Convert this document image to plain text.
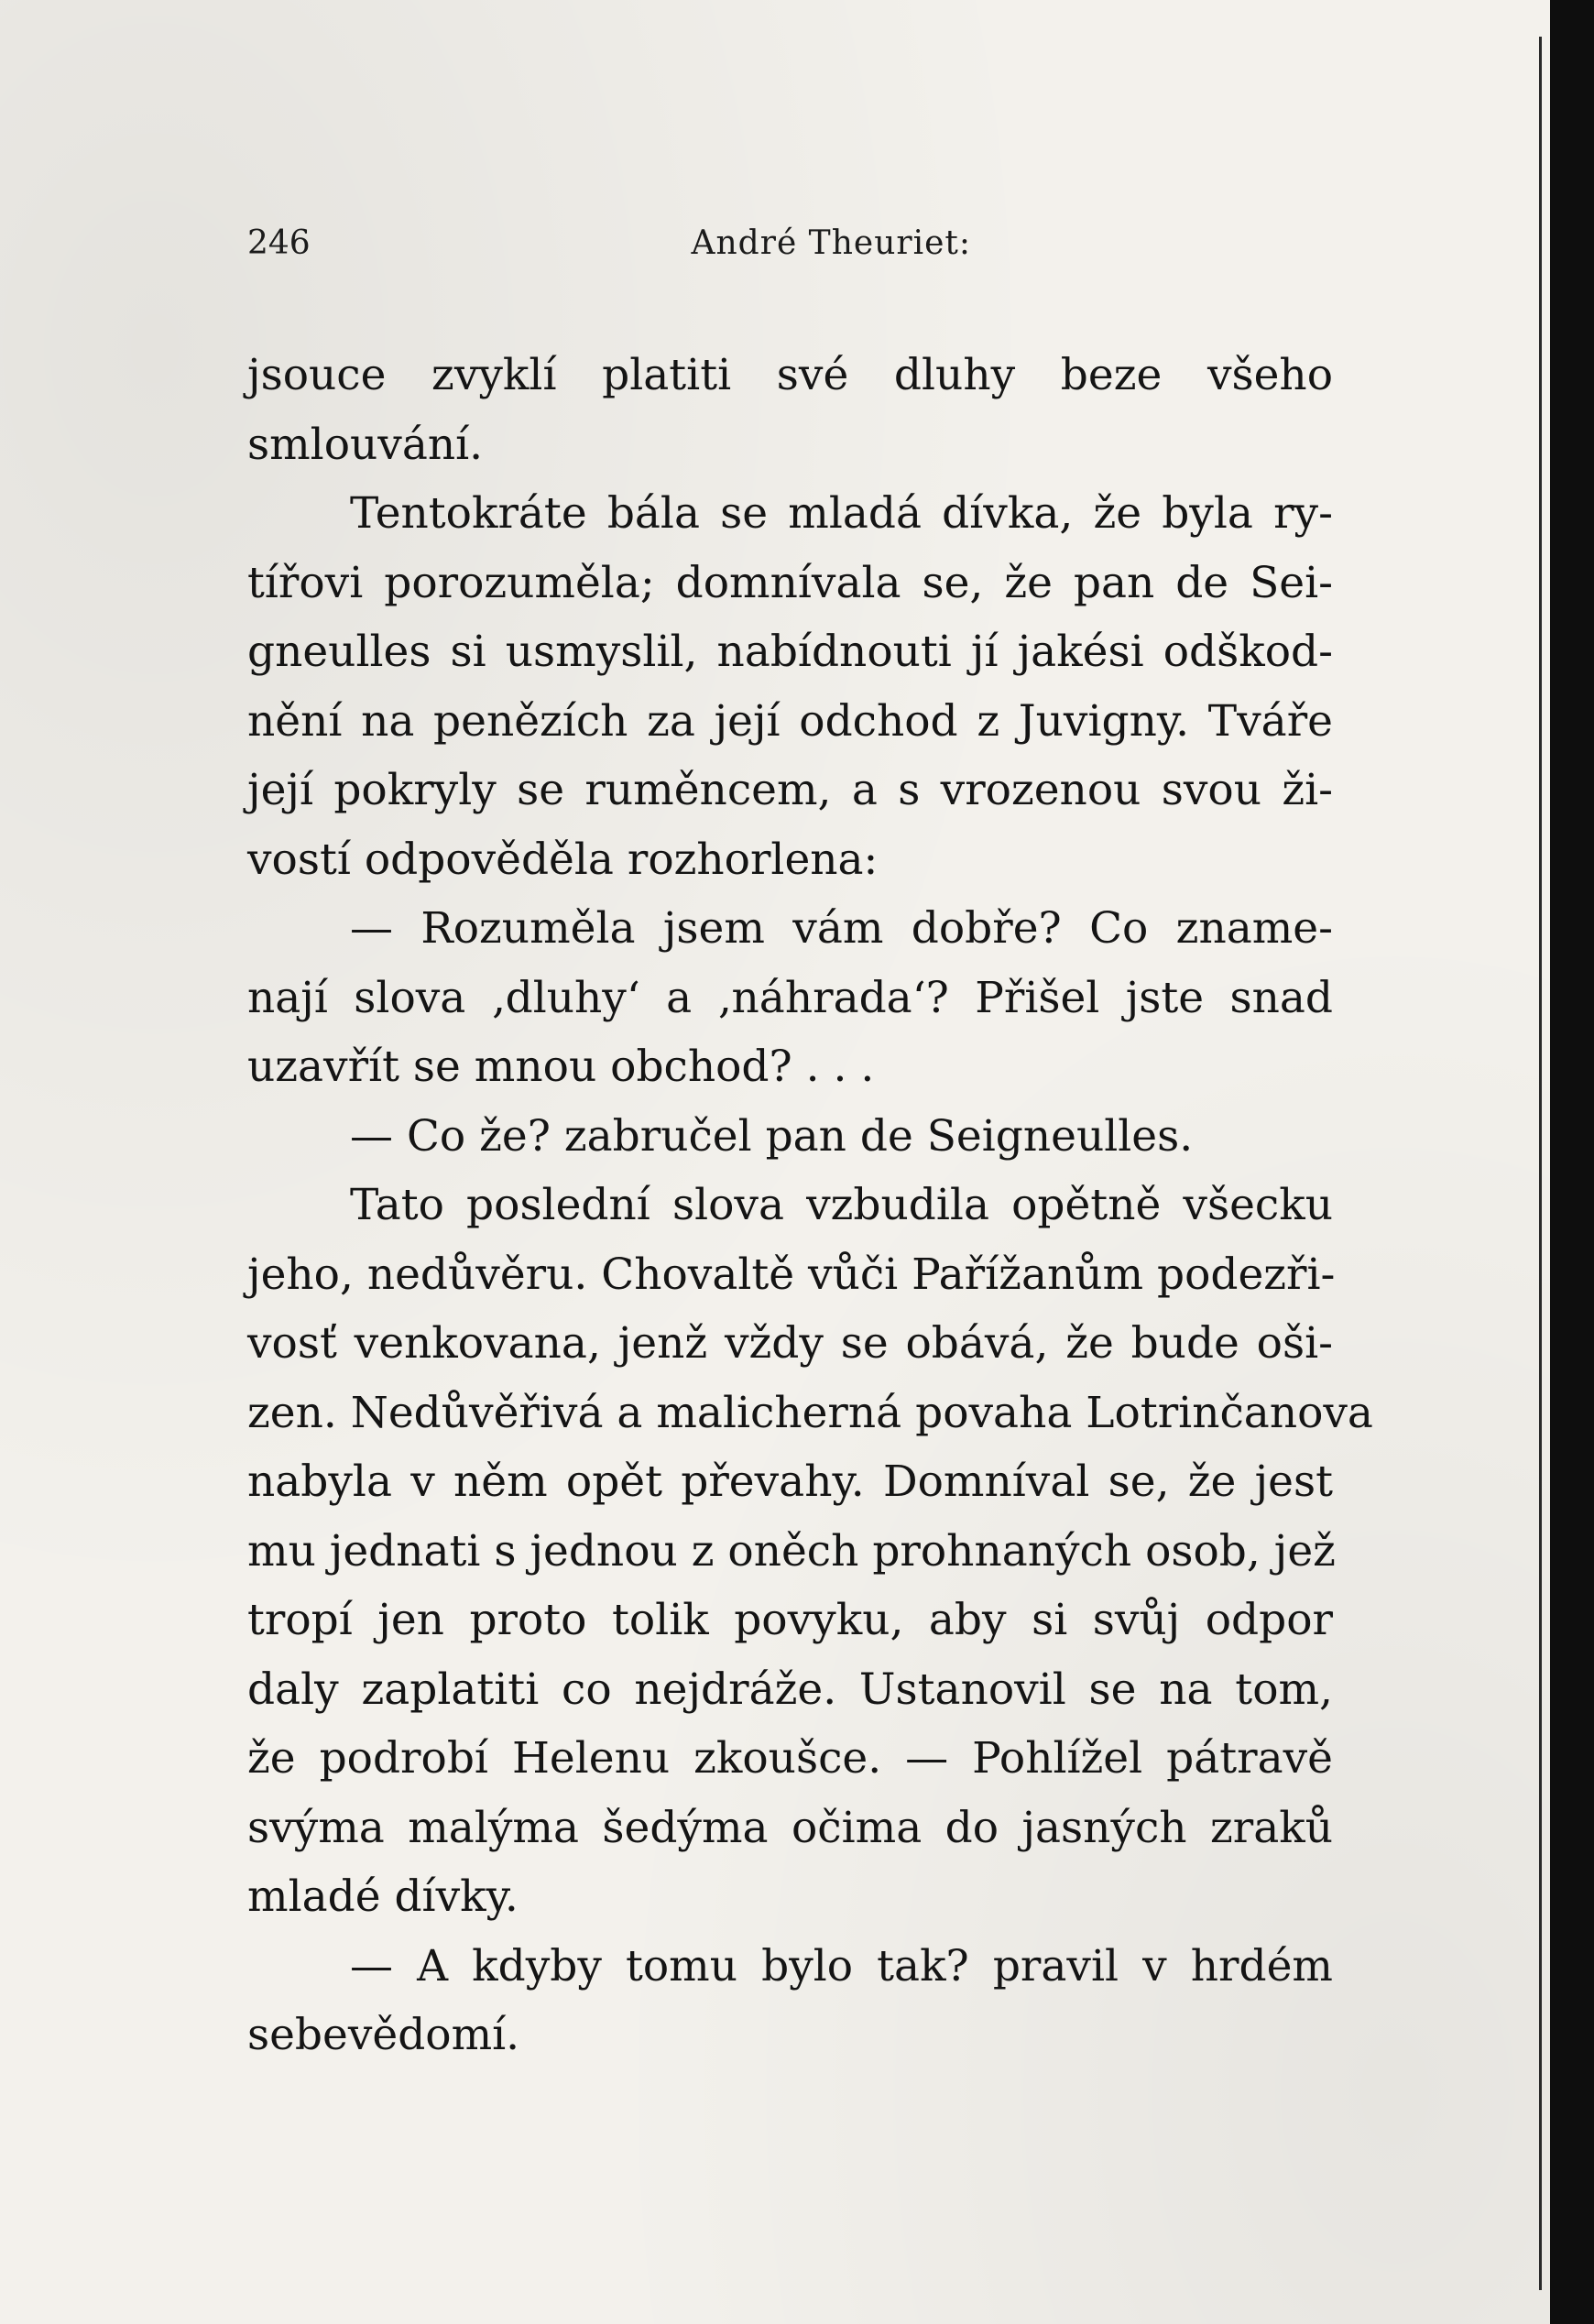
246	André Theuriet:
jsouce zvyklí platiti své dluhy beze všeho
smlouvání.
Tentokráte bála se mladá dívka, že byla ry-
tířovi porozuměla; domnívala se, že pan de Sei-
gneulles si usmyslil, nabídnouti jí jakési odškod-
nění na penězích za její odchod z Juvigny. Tváře
její pokryly se ruměncem, a s vrozenou svou ži-
vostí odpověděla rozhorlena:
— Rozuměla jsem vám dobře? Co zname-
nají slova ‚dluhy‘ a ‚náhrada‘? Přišel jste snad
uzavřít se mnou obchod? . . .
— Co že? zabručel pan de Seigneulles.
Tato poslední slova vzbudila opětně všecku
jeho, nedůvěru. Chovaltě vůči Pařížanům podezři-
vosť venkovana, jenž vždy se obává, že bude oši-
zen. Nedůvěřivá a malicherná povaha Lotrinčanova
nabyla v něm opět převahy. Domníval se, že jest
mu jednati s jednou z oněch prohnaných osob, jež
tropí jen proto tolik povyku, aby si svůj odpor
daly zaplatiti co nejdráže. Ustanovil se na tom,
že podrobí Helenu zkoušce. — Pohlížel pátravě
svýma malýma šedýma očima do jasných zraků
mladé dívky.
— A kdyby tomu bylo tak? pravil v hrdém
sebevědomí.
